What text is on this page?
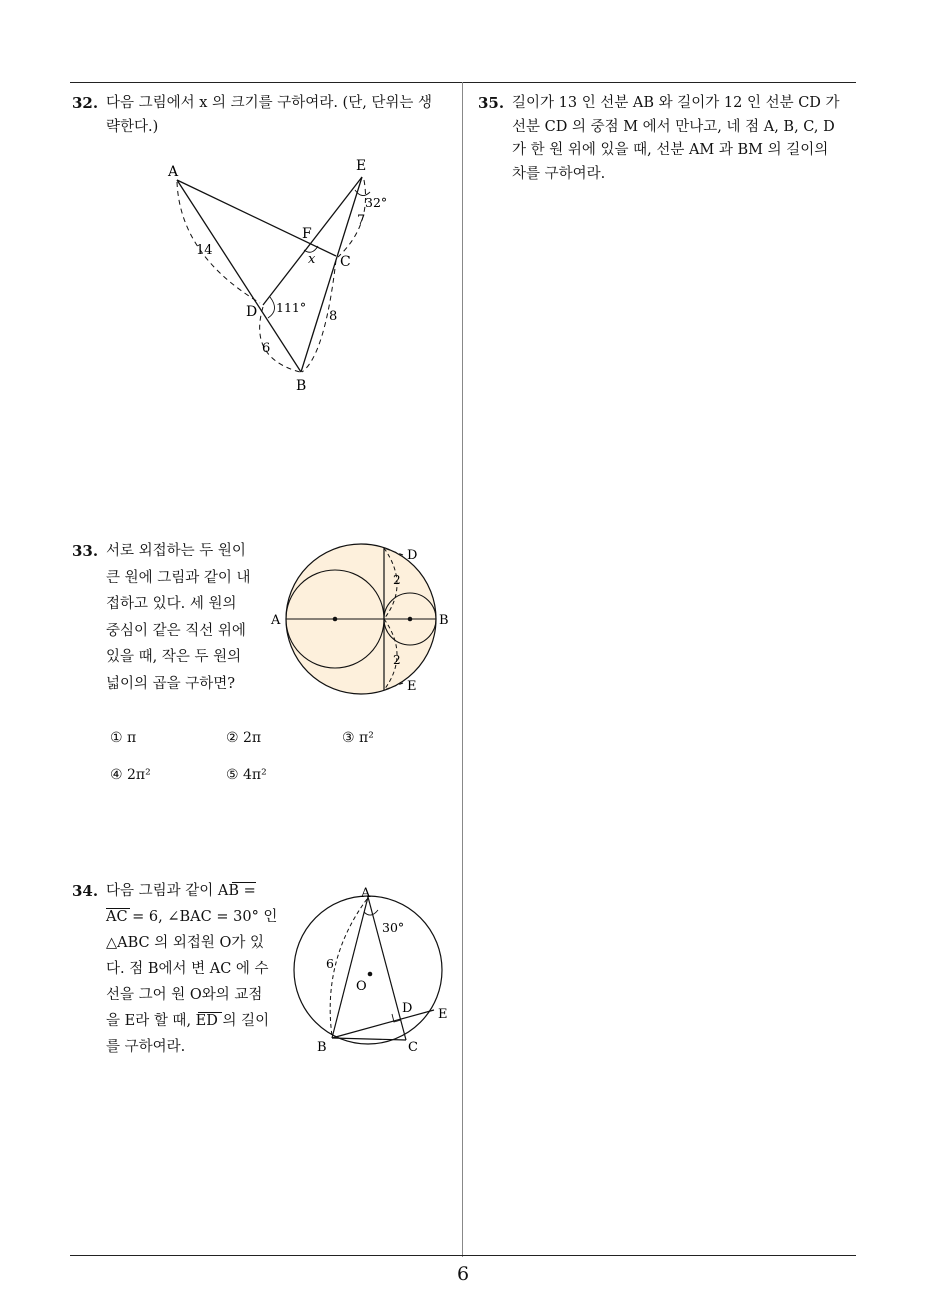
32. 다음 그림에서 x 의 크기를 구하여라. (단, 단위는 생
략한다.)
A	E
F
C
D
B
14
6
7
8
32°
111°
x
33. 서로 외접하는 두 원이
큰 원에 그림과 같이 내
접하고 있다. 세 원의
중심이 같은 직선 위에
있을 때, 작은 두 원의
넓이의 곱을 구하면?
A	B
D
E
2
2
① π	② 2π	③ π²
④ 2π²	⑤ 4π²
34. 다음 그림과 같이 AB =
AC = 6, ∠BAC = 30° 인
△ABC 의 외접원 O가 있
다. 점 B에서 변 AC 에 수
선을 그어 원 O와의 교점
을 E라 할 때, ED 의 길이
를 구하여라.
A
B	C
D E
O
6
30°
35. 길이가 13 인 선분 AB 와 길이가 12 인 선분 CD 가
선분 CD 의 중점 M 에서 만나고, 네 점 A, B, C, D
가 한 원 위에 있을 때, 선분 AM 과 BM 의 길이의
차를 구하여라.
6
